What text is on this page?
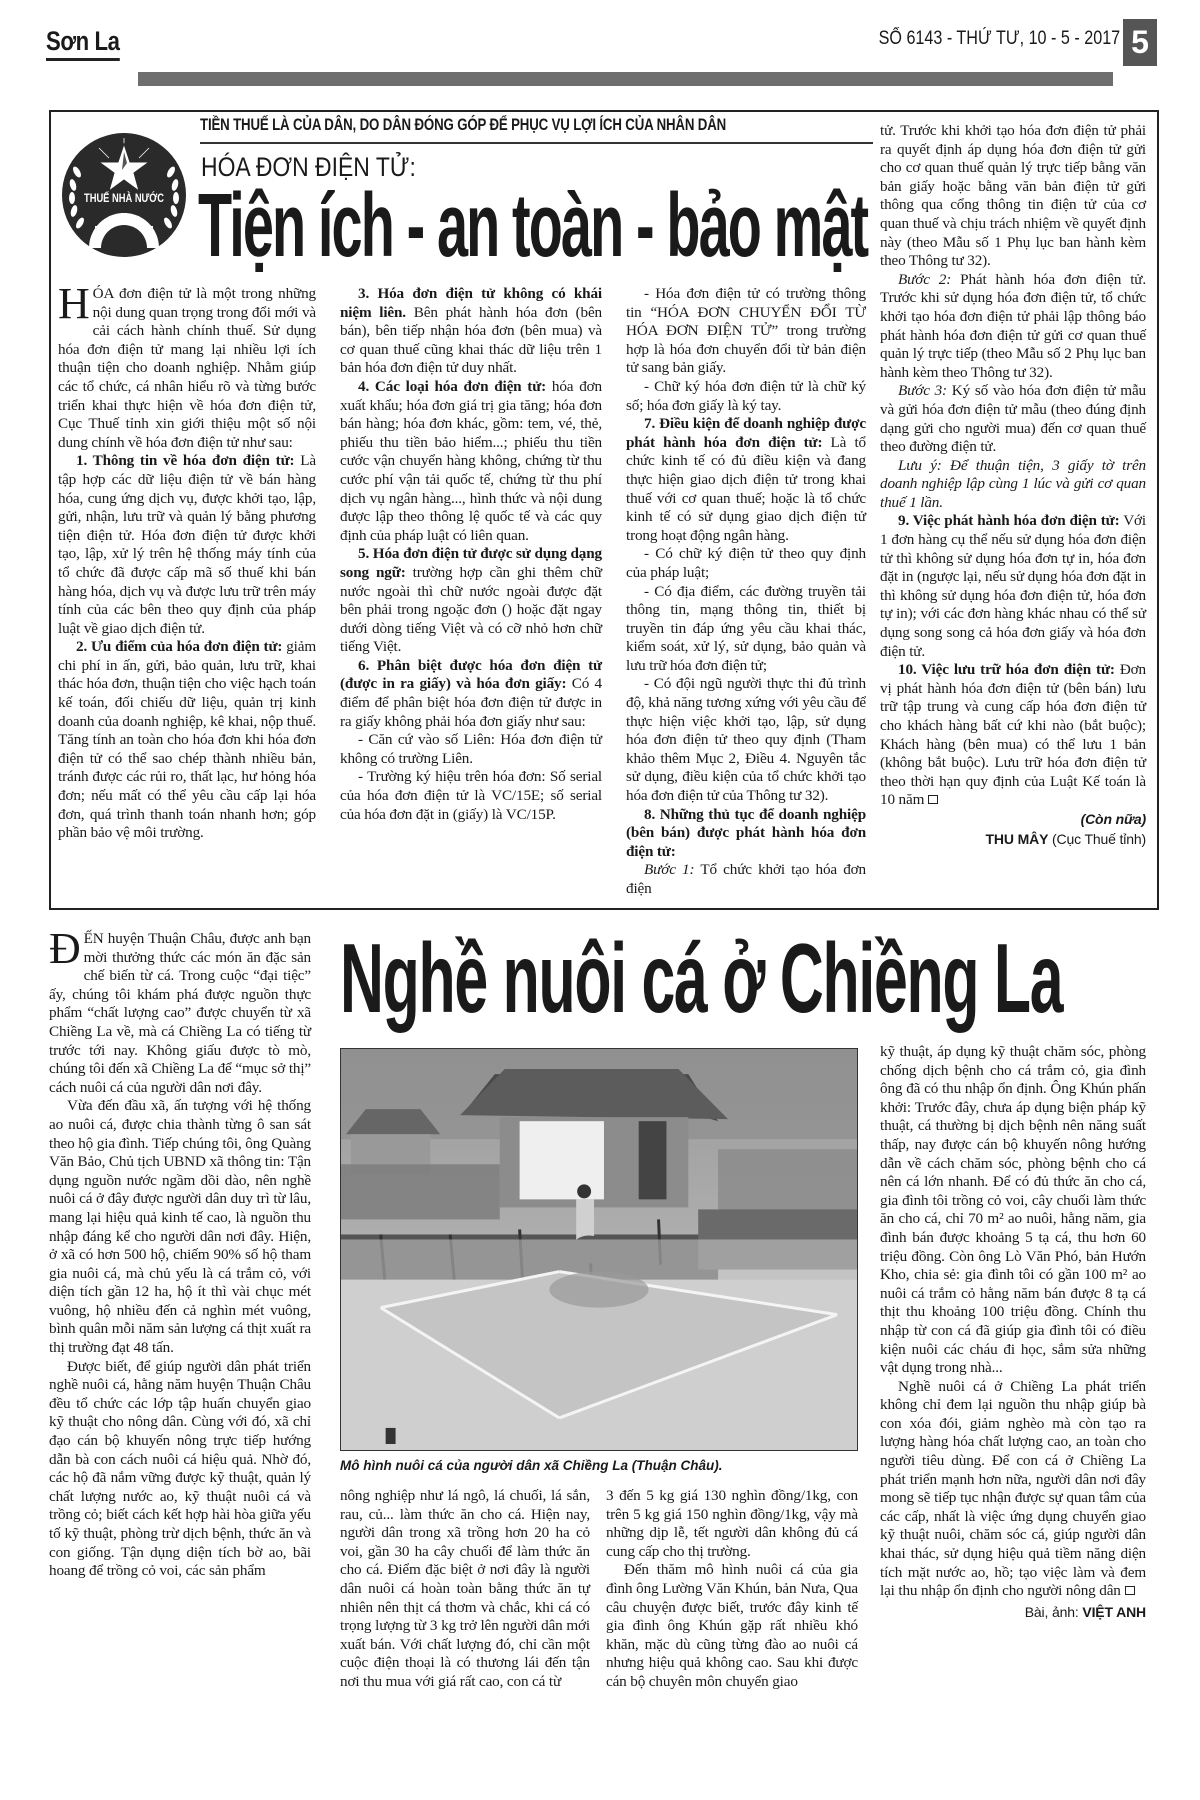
Sơn La	SỐ 6143 - THỨ TƯ, 10 - 5 - 2017 5
THUẾ NHÀ NƯỚC
TIỀN THUẾ LÀ CỦA DÂN, DO DÂN ĐÓNG GÓP ĐỂ PHỤC VỤ LỢI ÍCH CỦA NHÂN DÂN
HÓA ĐƠN ĐIỆN TỬ:
Tiện ích - an toàn - bảo mật

HÓA đơn điện tử là một trong những nội dung quan trọng trong đổi mới và cải cách hành chính thuế. Sử dụng hóa đơn điện tử mang lại nhiều lợi ích thuận tiện cho doanh nghiệp. Nhằm giúp các tổ chức, cá nhân hiểu rõ và từng bước triển khai thực hiện về hóa đơn điện tử, Cục Thuế tỉnh xin giới thiệu một số nội dung chính về hóa đơn điện tử như sau:

1. Thông tin về hóa đơn điện tử: Là tập hợp các dữ liệu điện tử về bán hàng hóa, cung ứng dịch vụ, được khởi tạo, lập, gửi, nhận, lưu trữ và quản lý bằng phương tiện điện tử. Hóa đơn điện tử được khởi tạo, lập, xử lý trên hệ thống máy tính của tổ chức đã được cấp mã số thuế khi bán hàng hóa, dịch vụ và được lưu trữ trên máy tính của các bên theo quy định của pháp luật về giao dịch điện tử.

2. Ưu điểm của hóa đơn điện tử: giảm chi phí in ấn, gửi, bảo quản, lưu trữ, khai thác hóa đơn, thuận tiện cho việc hạch toán kế toán, đối chiếu dữ liệu, quản trị kinh doanh của doanh nghiệp, kê khai, nộp thuế. Tăng tính an toàn cho hóa đơn khi hóa đơn điện tử có thể sao chép thành nhiều bản, tránh được các rủi ro, thất lạc, hư hỏng hóa đơn; nếu mất có thể yêu cầu cấp lại hóa đơn, quá trình thanh toán nhanh hơn; góp phần bảo vệ môi trường.

3. Hóa đơn điện tử không có khái niệm liên. Bên phát hành hóa đơn (bên bán), bên tiếp nhận hóa đơn (bên mua) và cơ quan thuế cũng khai thác dữ liệu trên 1 bản hóa đơn điện tử duy nhất.

4. Các loại hóa đơn điện tử: hóa đơn xuất khẩu; hóa đơn giá trị gia tăng; hóa đơn bán hàng; hóa đơn khác, gồm: tem, vé, thẻ, phiếu thu tiền bảo hiểm...; phiếu thu tiền cước vận chuyển hàng không, chứng từ thu cước phí vận tải quốc tế, chứng từ thu phí dịch vụ ngân hàng..., hình thức và nội dung được lập theo thông lệ quốc tế và các quy định của pháp luật có liên quan.

5. Hóa đơn điện tử được sử dụng dạng song ngữ: trường hợp cần ghi thêm chữ nước ngoài thì chữ nước ngoài được đặt bên phải trong ngoặc đơn () hoặc đặt ngay dưới dòng tiếng Việt và có cỡ nhỏ hơn chữ tiếng Việt.

6. Phân biệt được hóa đơn điện tử (được in ra giấy) và hóa đơn giấy: Có 4 điểm để phân biệt hóa đơn điện tử được in ra giấy không phải hóa đơn giấy như sau:

- Căn cứ vào số Liên: Hóa đơn điện tử không có trường Liên.

- Trường ký hiệu trên hóa đơn: Số serial của hóa đơn điện tử là VC/15E; số serial của hóa đơn đặt in (giấy) là VC/15P.

- Hóa đơn điện tử có trường thông tin “HÓA ĐƠN CHUYỂN ĐỔI TỪ HÓA ĐƠN ĐIỆN TỬ” trong trường hợp là hóa đơn chuyển đổi từ bản điện tử sang bản giấy.

- Chữ ký hóa đơn điện tử là chữ ký số; hóa đơn giấy là ký tay.

7. Điều kiện để doanh nghiệp được phát hành hóa đơn điện tử: Là tổ chức kinh tế có đủ điều kiện và đang thực hiện giao dịch điện tử trong khai thuế với cơ quan thuế; hoặc là tổ chức kinh tế có sử dụng giao dịch điện tử trong hoạt động ngân hàng.

- Có chữ ký điện tử theo quy định của pháp luật;

- Có địa điểm, các đường truyền tải thông tin, mạng thông tin, thiết bị truyền tin đáp ứng yêu cầu khai thác, kiểm soát, xử lý, sử dụng, bảo quản và lưu trữ hóa đơn điện tử;

- Có đội ngũ người thực thi đủ trình độ, khả năng tương xứng với yêu cầu để thực hiện việc khởi tạo, lập, sử dụng hóa đơn điện tử theo quy định (Tham khảo thêm Mục 2, Điều 4. Nguyên tắc sử dụng, điều kiện của tổ chức khởi tạo hóa đơn điện tử của Thông tư 32).

8. Những thủ tục để doanh nghiệp (bên bán) được phát hành hóa đơn điện tử:

Bước 1: Tổ chức khởi tạo hóa đơn điện

tử. Trước khi khởi tạo hóa đơn điện tử phải ra quyết định áp dụng hóa đơn điện tử gửi cho cơ quan thuế quản lý trực tiếp bằng văn bản giấy hoặc bằng văn bản điện tử gửi thông qua cổng thông tin điện tử của cơ quan thuế và chịu trách nhiệm về quyết định này (theo Mẫu số 1 Phụ lục ban hành kèm theo Thông tư 32).

Bước 2: Phát hành hóa đơn điện tử. Trước khi sử dụng hóa đơn điện tử, tổ chức khởi tạo hóa đơn điện tử phải lập thông báo phát hành hóa đơn điện tử gửi cơ quan thuế quản lý trực tiếp (theo Mẫu số 2 Phụ lục ban hành kèm theo Thông tư 32).

Bước 3: Ký số vào hóa đơn điện tử mẫu và gửi hóa đơn điện tử mẫu (theo đúng định dạng gửi cho người mua) đến cơ quan thuế theo đường điện tử.

Lưu ý: Để thuận tiện, 3 giấy tờ trên doanh nghiệp lập cùng 1 lúc và gửi cơ quan thuế 1 lần.

9. Việc phát hành hóa đơn điện tử: Với 1 đơn hàng cụ thể nếu sử dụng hóa đơn điện tử thì không sử dụng hóa đơn tự in, hóa đơn đặt in (ngược lại, nếu sử dụng hóa đơn đặt in thì không sử dụng hóa đơn điện tử, hóa đơn tự in); với các đơn hàng khác nhau có thể sử dụng song song cả hóa đơn giấy và hóa đơn điện tử.

10. Việc lưu trữ hóa đơn điện tử: Đơn vị phát hành hóa đơn điện tử (bên bán) lưu trữ tập trung và cung cấp hóa đơn điện tử cho khách hàng bất cứ khi nào (bắt buộc); Khách hàng (bên mua) có thể lưu 1 bản (không bắt buộc). Lưu trữ hóa đơn điện tử theo thời hạn quy định của Luật Kế toán là 10 năm

(Còn nữa)
THU MÂY (Cục Thuế tỉnh)
Nghề nuôi cá ở Chiềng La

ĐẾN huyện Thuận Châu, được anh bạn mời thưởng thức các món ăn đặc sản chế biến từ cá. Trong cuộc “đại tiệc” ấy, chúng tôi khám phá được nguồn thực phẩm “chất lượng cao” được chuyển từ xã Chiềng La về, mà cá Chiềng La có tiếng từ trước tới nay. Không giấu được tò mò, chúng tôi đến xã Chiềng La để “mục sở thị” cách nuôi cá của người dân nơi đây.

Vừa đến đầu xã, ấn tượng với hệ thống ao nuôi cá, được chia thành từng ô san sát theo hộ gia đình. Tiếp chúng tôi, ông Quàng Văn Bảo, Chủ tịch UBND xã thông tin: Tận dụng nguồn nước ngầm dồi dào, nên nghề nuôi cá ở đây được người dân duy trì từ lâu, mang lại hiệu quả kinh tế cao, là nguồn thu nhập đáng kể cho người dân nơi đây. Hiện, ở xã có hơn 500 hộ, chiếm 90% số hộ tham gia nuôi cá, mà chủ yếu là cá trắm cỏ, với diện tích gần 12 ha, hộ ít thì vài chục mét vuông, hộ nhiều đến cả nghìn mét vuông, bình quân mỗi năm sản lượng cá thịt xuất ra thị trường đạt 48 tấn.

Được biết, để giúp người dân phát triển nghề nuôi cá, hằng năm huyện Thuận Châu đều tổ chức các lớp tập huấn chuyển giao kỹ thuật cho nông dân. Cùng với đó, xã chỉ đạo cán bộ khuyến nông trực tiếp hướng dẫn bà con cách nuôi cá hiệu quả. Nhờ đó, các hộ đã nắm vững được kỹ thuật, quản lý chất lượng nước ao, kỹ thuật nuôi cá và trồng cỏ; biết cách kết hợp hài hòa giữa yếu tố kỹ thuật, phòng trừ dịch bệnh, thức ăn và con giống. Tận dụng diện tích bờ ao, bãi hoang để trồng cỏ voi, các sản phẩm

Mô hình nuôi cá của người dân xã Chiềng La (Thuận Châu).

nông nghiệp như lá ngô, lá chuối, lá sắn, rau, củ... làm thức ăn cho cá. Hiện nay, người dân trong xã trồng hơn 20 ha cỏ voi, gần 30 ha cây chuối để làm thức ăn cho cá. Điểm đặc biệt ở nơi đây là người dân nuôi cá hoàn toàn bằng thức ăn tự nhiên nên thịt cá thơm và chắc, khi cá có trọng lượng từ 3 kg trở lên người dân mới xuất bán. Với chất lượng đó, chỉ cần một cuộc điện thoại là có thương lái đến tận nơi thu mua với giá rất cao, con cá từ

3 đến 5 kg giá 130 nghìn đồng/1kg, con trên 5 kg giá 150 nghìn đồng/1kg, vậy mà những dịp lễ, tết người dân không đủ cá cung cấp cho thị trường.

Đến thăm mô hình nuôi cá của gia đình ông Lường Văn Khún, bản Nưa, Qua câu chuyện được biết, trước đây kinh tế gia đình ông Khún gặp rất nhiều khó khăn, mặc dù cũng từng đào ao nuôi cá nhưng hiệu quả không cao. Sau khi được cán bộ chuyên môn chuyển giao

kỹ thuật, áp dụng kỹ thuật chăm sóc, phòng chống dịch bệnh cho cá trắm cỏ, gia đình ông đã có thu nhập ổn định. Ông Khún phấn khởi: Trước đây, chưa áp dụng biện pháp kỹ thuật, cá thường bị dịch bệnh nên năng suất thấp, nay được cán bộ khuyến nông hướng dẫn về cách chăm sóc, phòng bệnh cho cá nên cá lớn nhanh. Để có đủ thức ăn cho cá, gia đình tôi trồng cỏ voi, cây chuối làm thức ăn cho cá, chỉ 70 m² ao nuôi, hằng năm, gia đình bán được khoảng 5 tạ cá, thu hơn 60 triệu đồng. Còn ông Lò Văn Phó, bản Hướn Kho, chia sẻ: gia đình tôi có gần 100 m² ao nuôi cá trắm cỏ hằng năm bán được 8 tạ cá thịt thu khoảng 100 triệu đồng. Chính thu nhập từ con cá đã giúp gia đình tôi có điều kiện nuôi các cháu đi học, sắm sửa những vật dụng trong nhà...

Nghề nuôi cá ở Chiềng La phát triển không chỉ đem lại nguồn thu nhập giúp bà con xóa đói, giảm nghèo mà còn tạo ra lượng hàng hóa chất lượng cao, an toàn cho người tiêu dùng. Để con cá ở Chiềng La phát triển mạnh hơn nữa, người dân nơi đây mong sẽ tiếp tục nhận được sự quan tâm của các cấp, nhất là việc ứng dụng chuyển giao kỹ thuật nuôi, chăm sóc cá, giúp người dân khai thác, sử dụng hiệu quả tiềm năng diện tích mặt nước ao, hồ; tạo việc làm và đem lại thu nhập ổn định cho người nông dân

Bài, ảnh: VIỆT ANH
